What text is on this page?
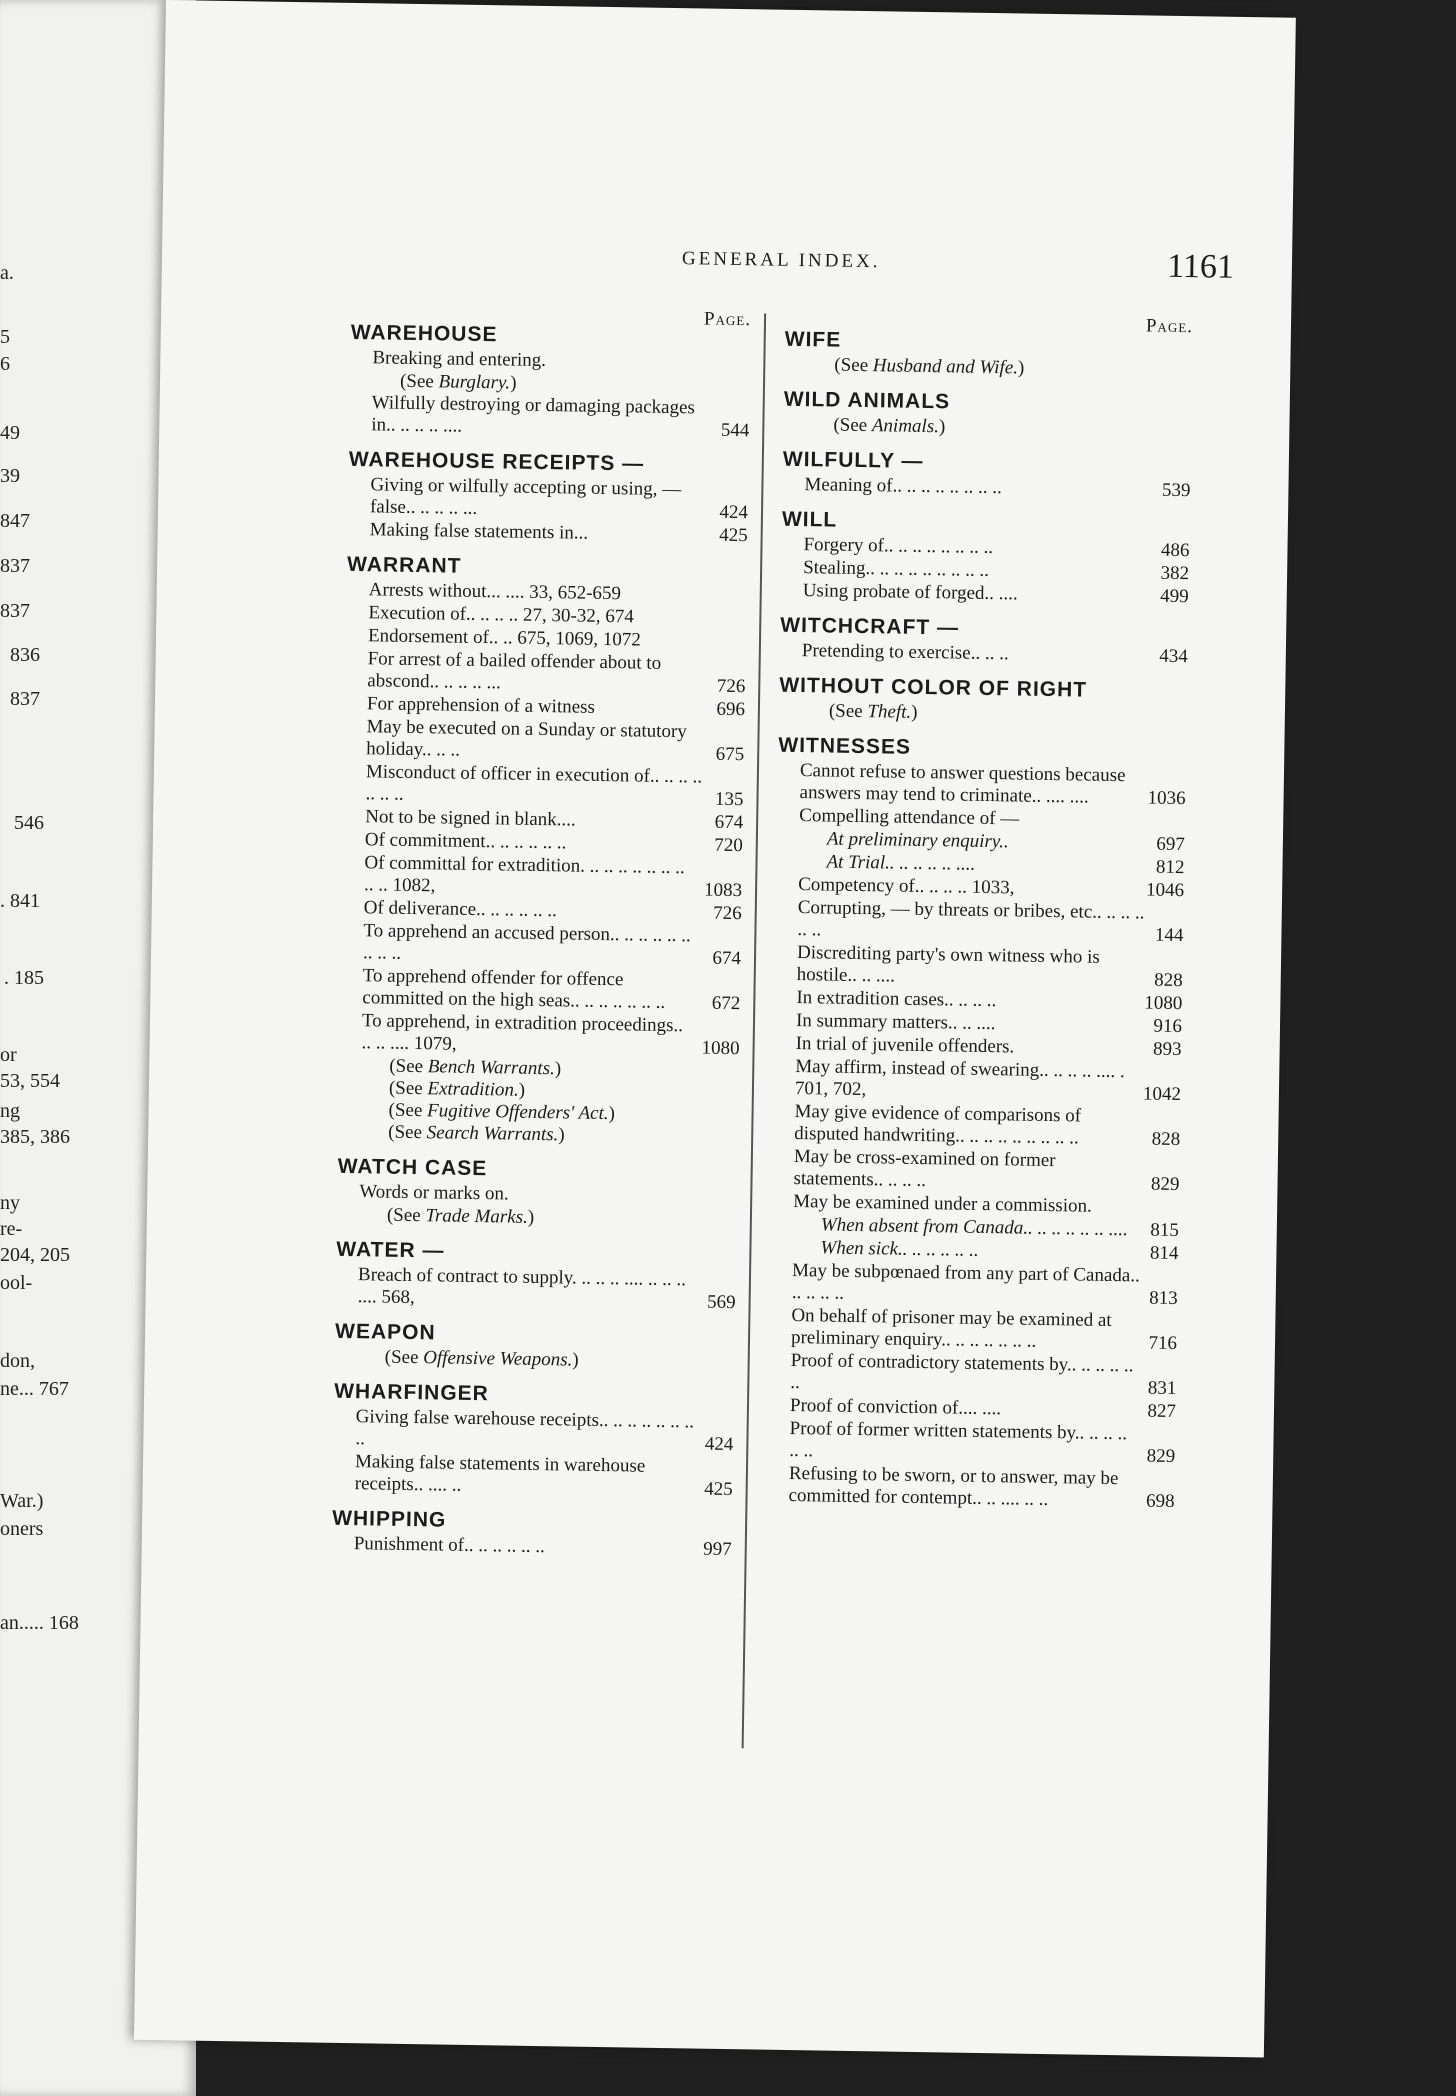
a.
5
6
49
39
847
837
837
836
837
546
. 841
. 185
or
53, 554
ng
385, 386
ny
re-
204, 205
ool-
don,
ne... 767
War.)
oners
an..... 168
GENERAL INDEX.	1161
Page.
WAREHOUSE
Breaking and entering.
(See Burglary.)
Wilfully destroying or damaging packages in.. .. .. .. ....	544
WAREHOUSE RECEIPTS —
Giving or wilfully accepting or using, — false.. .. .. .. ...	424
Making false statements in...	425
WARRANT
Arrests without... .... 33, 652-659
Execution of.. .. .. .. 27, 30-32, 674
Endorsement of.. .. 675, 1069, 1072
For arrest of a bailed offender about to abscond.. .. .. .. ...	726
For apprehension of a witness	696
May be executed on a Sunday or statutory holiday.. .. ..	675
Misconduct of officer in execution of.. .. .. .. .. .. ..	135
Not to be signed in blank....	674
Of commitment.. .. .. .. .. ..	720
Of committal for extradition. .. .. .. .. .. .. .. .. .. 1082,	1083
Of deliverance.. .. .. .. .. ..	726
To apprehend an accused person.. .. .. .. .. .. .. .. ..	674
To apprehend offender for offence committed on the high seas.. .. .. .. .. .. ..	672
To apprehend, in extradition proceedings.. .. .. .... 1079,	1080
(See Bench Warrants.)
(See Extradition.)
(See Fugitive Offenders' Act.)
(See Search Warrants.)
WATCH CASE
Words or marks on.
(See Trade Marks.)
WATER —
Breach of contract to supply. .. .. .. .... .. .. .. .... 568,	569
WEAPON
(See Offensive Weapons.)
WHARFINGER
Giving false warehouse receipts.. .. .. .. .. .. .. ..	424
Making false statements in warehouse receipts.. .... ..	425
WHIPPING
Punishment of.. .. .. .. .. ..	997
Page.
WIFE
(See Husband and Wife.)
WILD ANIMALS
(See Animals.)
WILFULLY —
Meaning of.. .. .. .. .. .. .. ..	539
WILL
Forgery of.. .. .. .. .. .. .. ..	486
Stealing.. .. .. .. .. .. .. .. ..	382
Using probate of forged.. ....	499
WITCHCRAFT —
Pretending to exercise.. .. ..	434
WITHOUT COLOR OF RIGHT
(See Theft.)
WITNESSES
Cannot refuse to answer questions because answers may tend to criminate.. .... ....	1036
Compelling attendance of —
At preliminary enquiry..	697
At Trial.. .. .. .. .. ....	812
Competency of.. .. .. .. 1033,	1046
Corrupting, — by threats or bribes, etc.. .. .. .. .. ..	144
Discrediting party's own witness who is hostile.. .. ....	828
In extradition cases.. .. .. ..	1080
In summary matters.. .. ....	916
In trial of juvenile offenders.	893
May affirm, instead of swearing.. .. .. .. .... . 701, 702,	1042
May give evidence of comparisons of disputed handwriting.. .. .. .. .. .. .. .. ..	828
May be cross-examined on former statements.. .. .. ..	829
May be examined under a commission.
When absent from Canada.. .. .. .. .. .. ....	815
When sick.. .. .. .. .. ..	814
May be subpœnaed from any part of Canada.. .. .. .. ..	813
On behalf of prisoner may be examined at preliminary enquiry.. .. .. .. .. .. ..	716
Proof of contradictory statements by.. .. .. .. .. ..	831
Proof of conviction of.... ....	827
Proof of former written statements by.. .. .. .. .. ..	829
Refusing to be sworn, or to answer, may be committed for contempt.. .. .... .. ..	698
